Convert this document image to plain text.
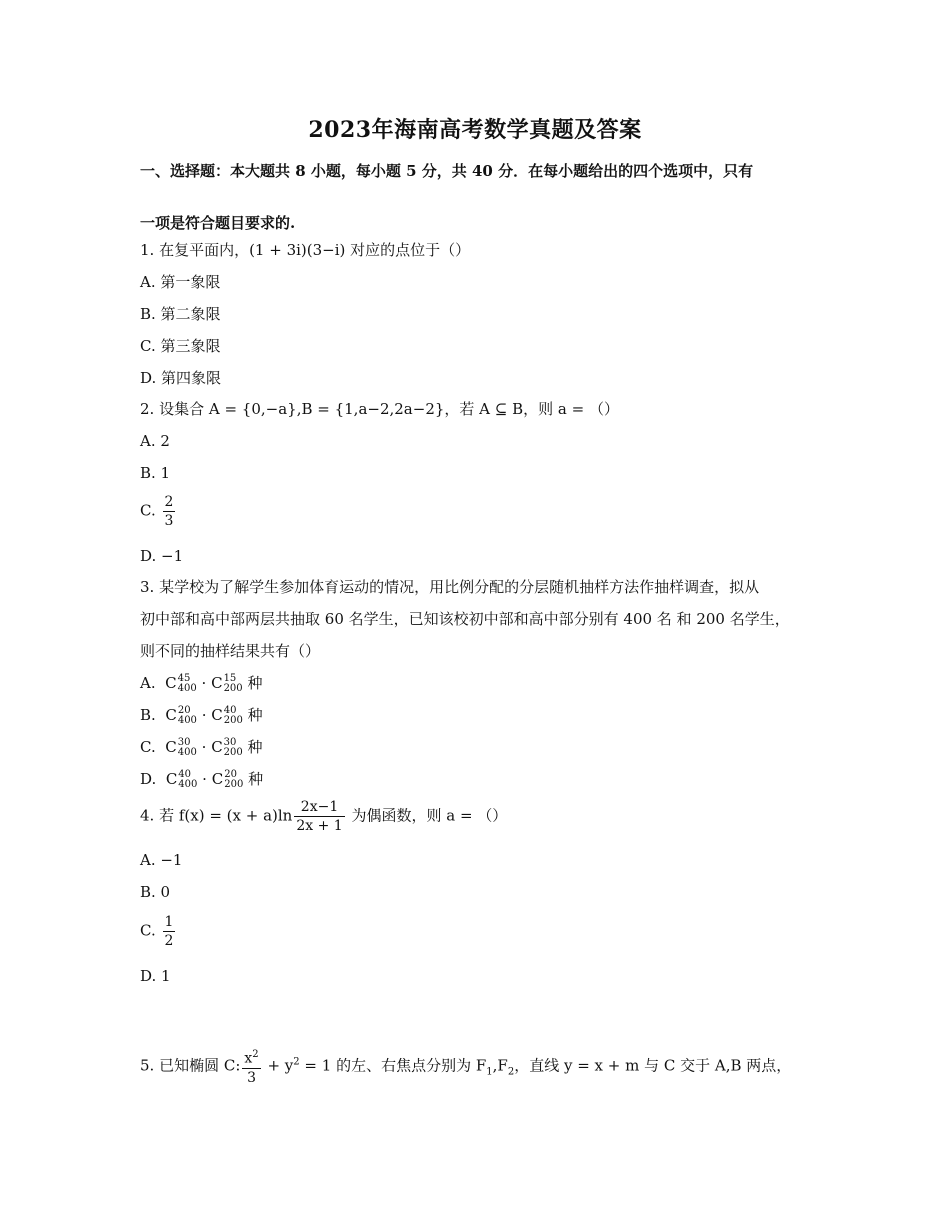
2023年海南高考数学真题及答案
一、选择题：本大题共 8 小题，每小题 5 分，共 40 分．在每小题给出的四个选项中，只有
一项是符合题目要求的.
1. 在复平面内，(1 + 3i)(3−i) 对应的点位于（）
A. 第一象限
B. 第二象限
C. 第三象限
D. 第四象限
2. 设集合 A = {0,−a},B = {1,a−2,2a−2}，若 A ⊆ B，则 a = （）
A. 2
B. 1
C. $\frac{2}{3}$
D. −1
3. 某学校为了解学生参加体育运动的情况，用比例分配的分层随机抽样方法作抽样调查，拟从
初中部和高中部两层共抽取 60 名学生，已知该校初中部和高中部分别有 400 名 和 200 名学生，
则不同的抽样结果共有（）
A. C 45
400 · C 15
200 种
B. C 20
400 · C 40
200 种
C. C 30
400 · C 30
200 种
D. C 40
400 · C 20
200 种
4. 若 $f(x) = (x + a)\ln \frac{2x-1}{2x + 1}$ 为偶函数，则 a = （）
A. −1
B. 0
C. $\frac{1}{2}$
D. 1
5. 已知椭圆 C: $\frac{x^2}{3} + y^2 = 1$ 的左、右焦点分别为 $F_1,F_2$，直线 y = x + m 与 C 交于 A,B 两点，
